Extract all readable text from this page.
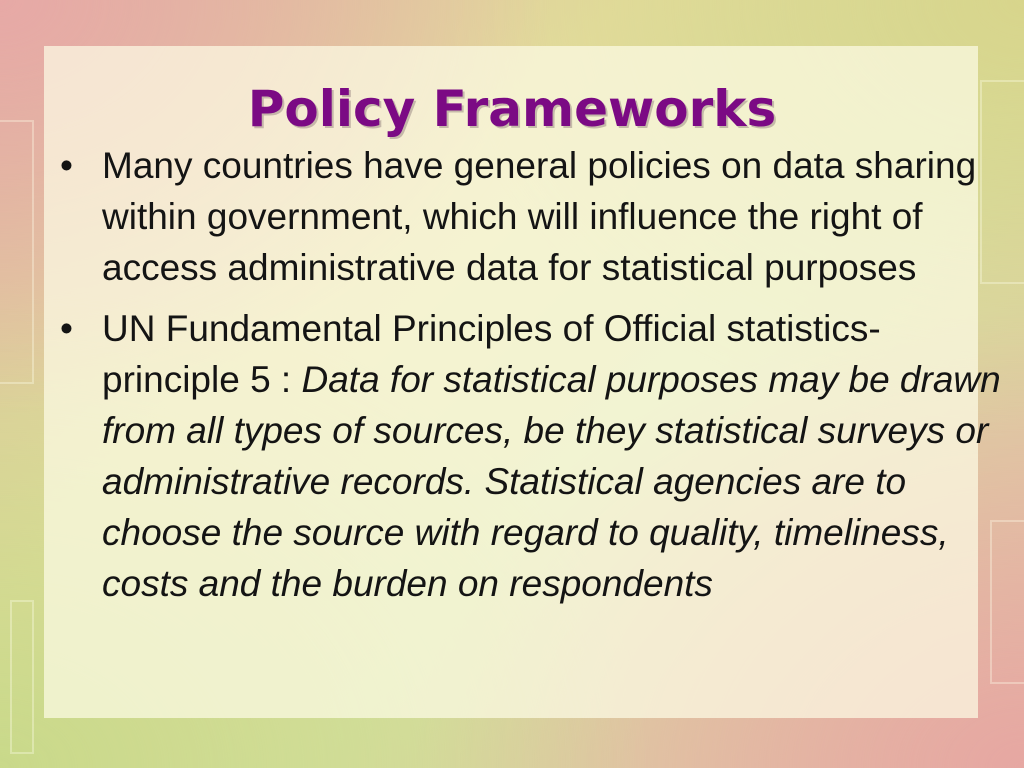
Policy Frameworks
• Many countries have general policies on data sharing within government, which will influence the right of access administrative data for statistical purposes
• UN Fundamental Principles of Official statistics- principle 5 : Data for statistical purposes may be drawn from all types of sources, be they statistical surveys or administrative records. Statistical agencies are to choose the source with regard to quality, timeliness, costs and the burden on respondents
